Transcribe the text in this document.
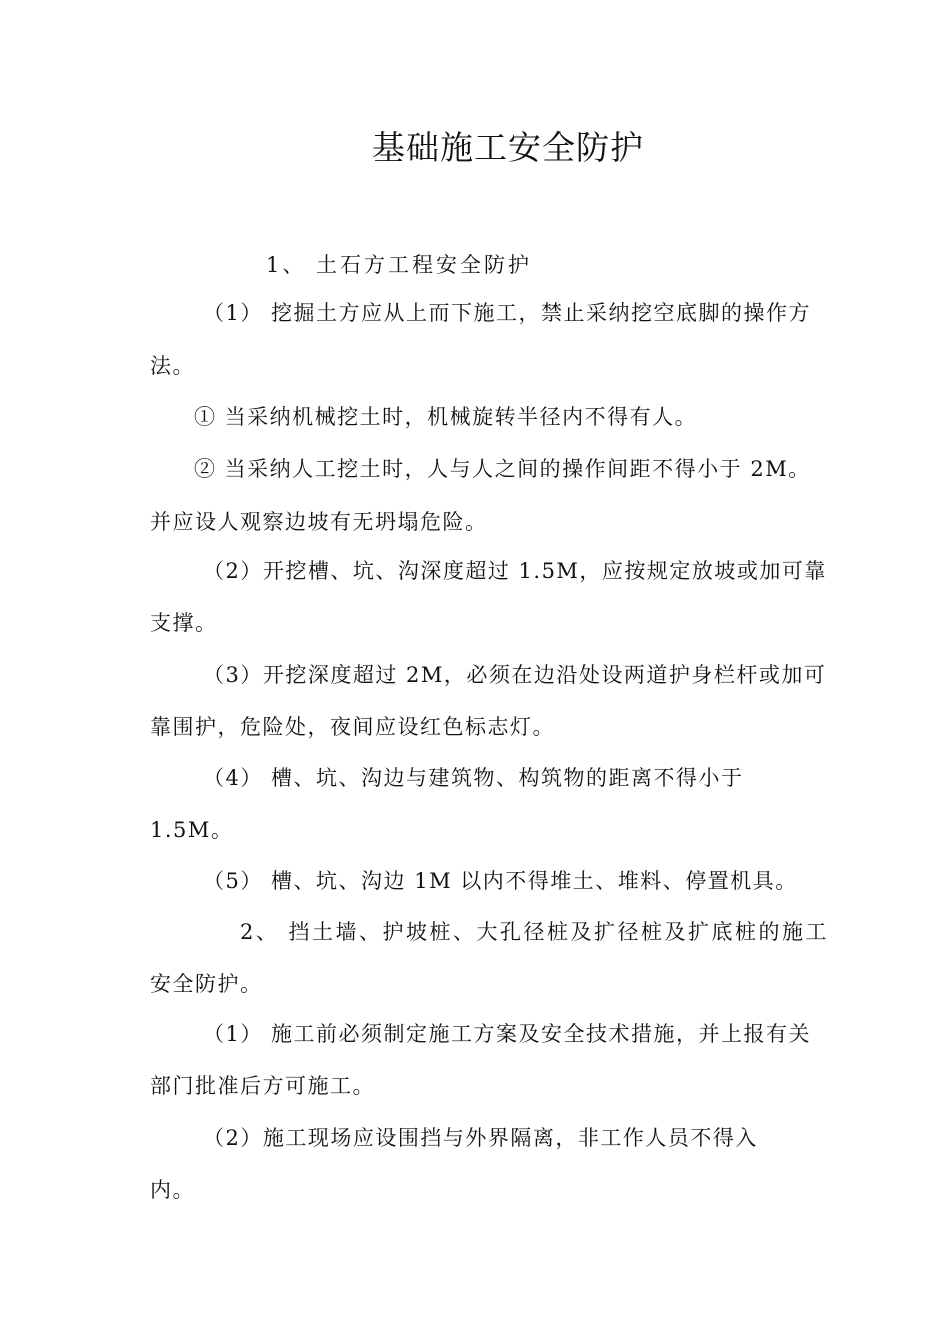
基础施工安全防护
1、 土石方工程安全防护
（1） 挖掘土方应从上而下施工，禁止采纳挖空底脚的操作方
法。
① 当采纳机械挖土时，机械旋转半径内不得有人。
② 当采纳人工挖土时，人与人之间的操作间距不得小于 2M。
并应设人观察边坡有无坍塌危险。
（2）开挖槽、坑、沟深度超过 1.5M，应按规定放坡或加可靠
支撑。
（3）开挖深度超过 2M，必须在边沿处设两道护身栏杆或加可
靠围护，危险处，夜间应设红色标志灯。
（4） 槽、坑、沟边与建筑物、构筑物的距离不得小于
1.5M。
（5） 槽、坑、沟边 1M 以内不得堆土、堆料、停置机具。
2、 挡土墙、护坡桩、大孔径桩及扩径桩及扩底桩的施工
安全防护。
（1） 施工前必须制定施工方案及安全技术措施，并上报有关
部门批准后方可施工。
（2）施工现场应设围挡与外界隔离，非工作人员不得入
内。
